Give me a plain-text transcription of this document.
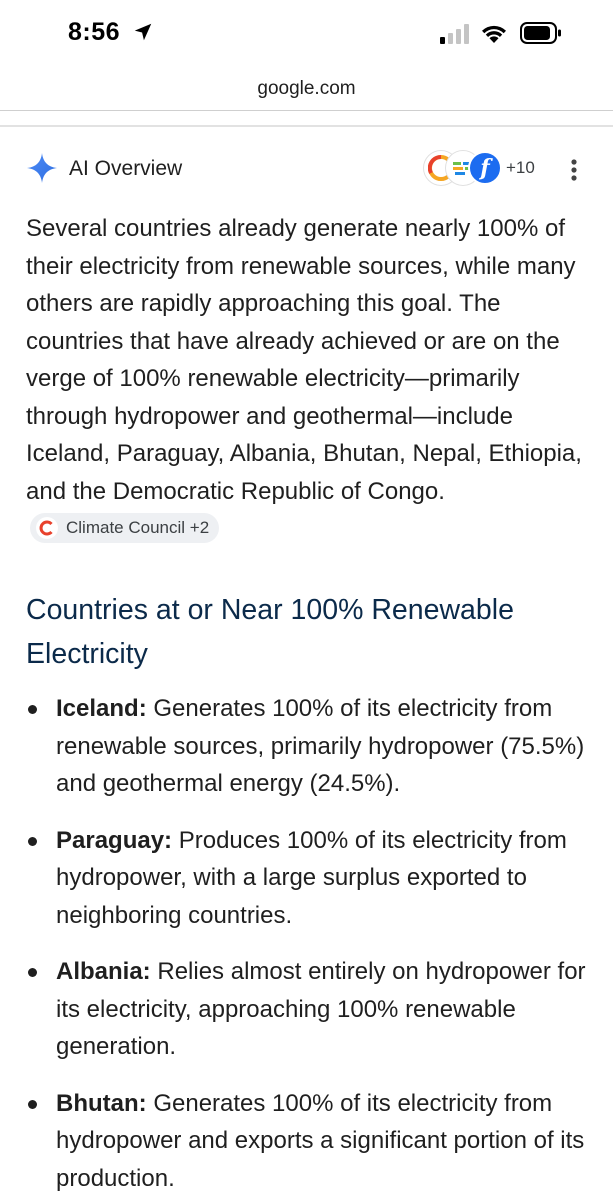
8:56
google.com
AI Overview	f +10
Several countries already generate nearly 100% of their electricity from renewable sources, while many others are rapidly approaching this goal. The countries that have already achieved or are on the verge of 100% renewable electricity—primarily through hydropower and geothermal—include Iceland, Paraguay, Albania, Bhutan, Nepal, Ethiopia, and the Democratic Republic of Congo.
Climate Council +2
Countries at or Near 100% Renewable Electricity
Iceland: Generates 100% of its electricity from renewable sources, primarily hydropower (75.5%) and geothermal energy (24.5%).
Paraguay: Produces 100% of its electricity from hydropower, with a large surplus exported to neighboring countries.
Albania: Relies almost entirely on hydropower for its electricity, approaching 100% renewable generation.
Bhutan: Generates 100% of its electricity from hydropower and exports a significant portion of its production.
